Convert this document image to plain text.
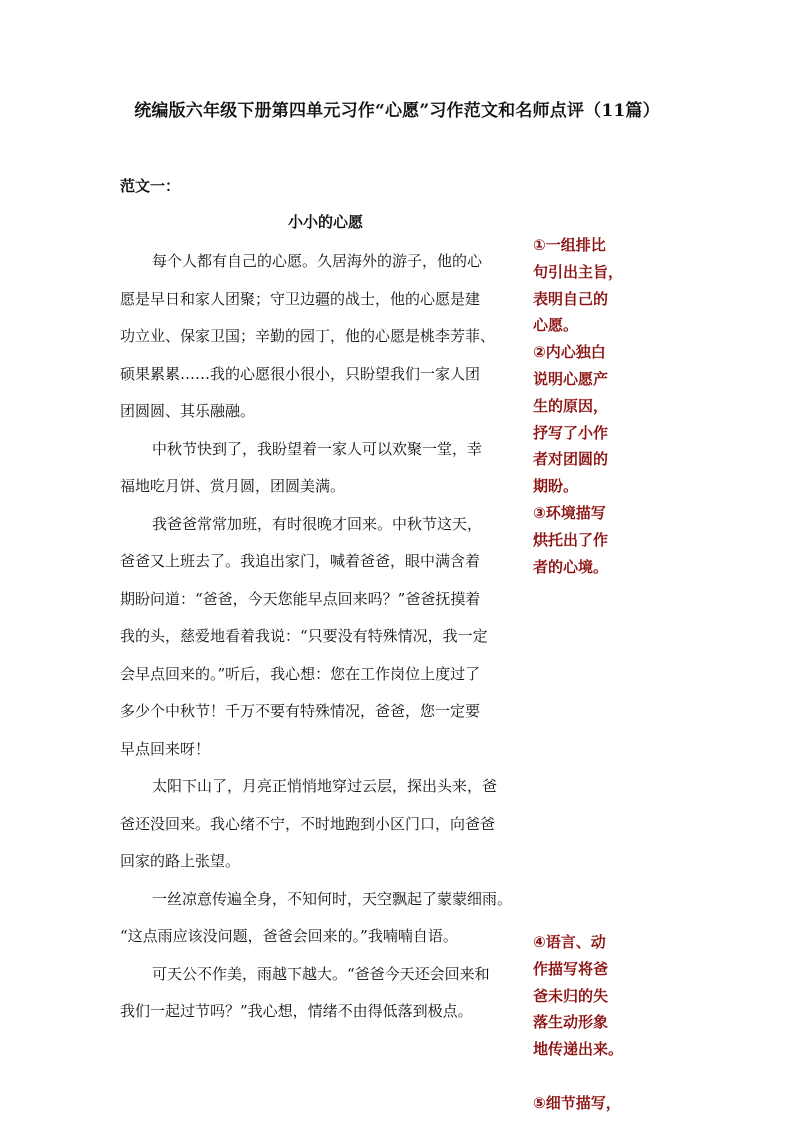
统编版六年级下册第四单元习作“心愿”习作范文和名师点评（11篇）
范文一：
小小的心愿
每个人都有自己的心愿。久居海外的游子，他的心
愿是早日和家人团聚；守卫边疆的战士，他的心愿是建
功立业、保家卫国；辛勤的园丁，他的心愿是桃李芳菲、
硕果累累……我的心愿很小很小，只盼望我们一家人团
团圆圆、其乐融融。
中秋节快到了，我盼望着一家人可以欢聚一堂，幸
福地吃月饼、赏月圆，团圆美满。
我爸爸常常加班，有时很晚才回来。中秋节这天，
爸爸又上班去了。我追出家门，喊着爸爸，眼中满含着
期盼问道：“爸爸，今天您能早点回来吗？”爸爸抚摸着
我的头，慈爱地看着我说：“只要没有特殊情况，我一定
会早点回来的。”听后，我心想：您在工作岗位上度过了
多少个中秋节！千万不要有特殊情况，爸爸，您一定要
早点回来呀！
太阳下山了，月亮正悄悄地穿过云层，探出头来，爸
爸还没回来。我心绪不宁，不时地跑到小区门口，向爸爸
回家的路上张望。
一丝凉意传遍全身，不知何时，天空飘起了蒙蒙细雨。
“这点雨应该没问题，爸爸会回来的。”我喃喃自语。
可天公不作美，雨越下越大。“爸爸今天还会回来和
我们一起过节吗？”我心想，情绪不由得低落到极点。
①一组排比
句引出主旨，
表明自己的
心愿。
②内心独白
说明心愿产
生的原因，
抒写了小作
者对团圆的
期盼。
③环境描写
烘托出了作
者的心境。
④语言、动
作描写将爸
爸未归的失
落生动形象
地传递出来。
⑤细节描写，
